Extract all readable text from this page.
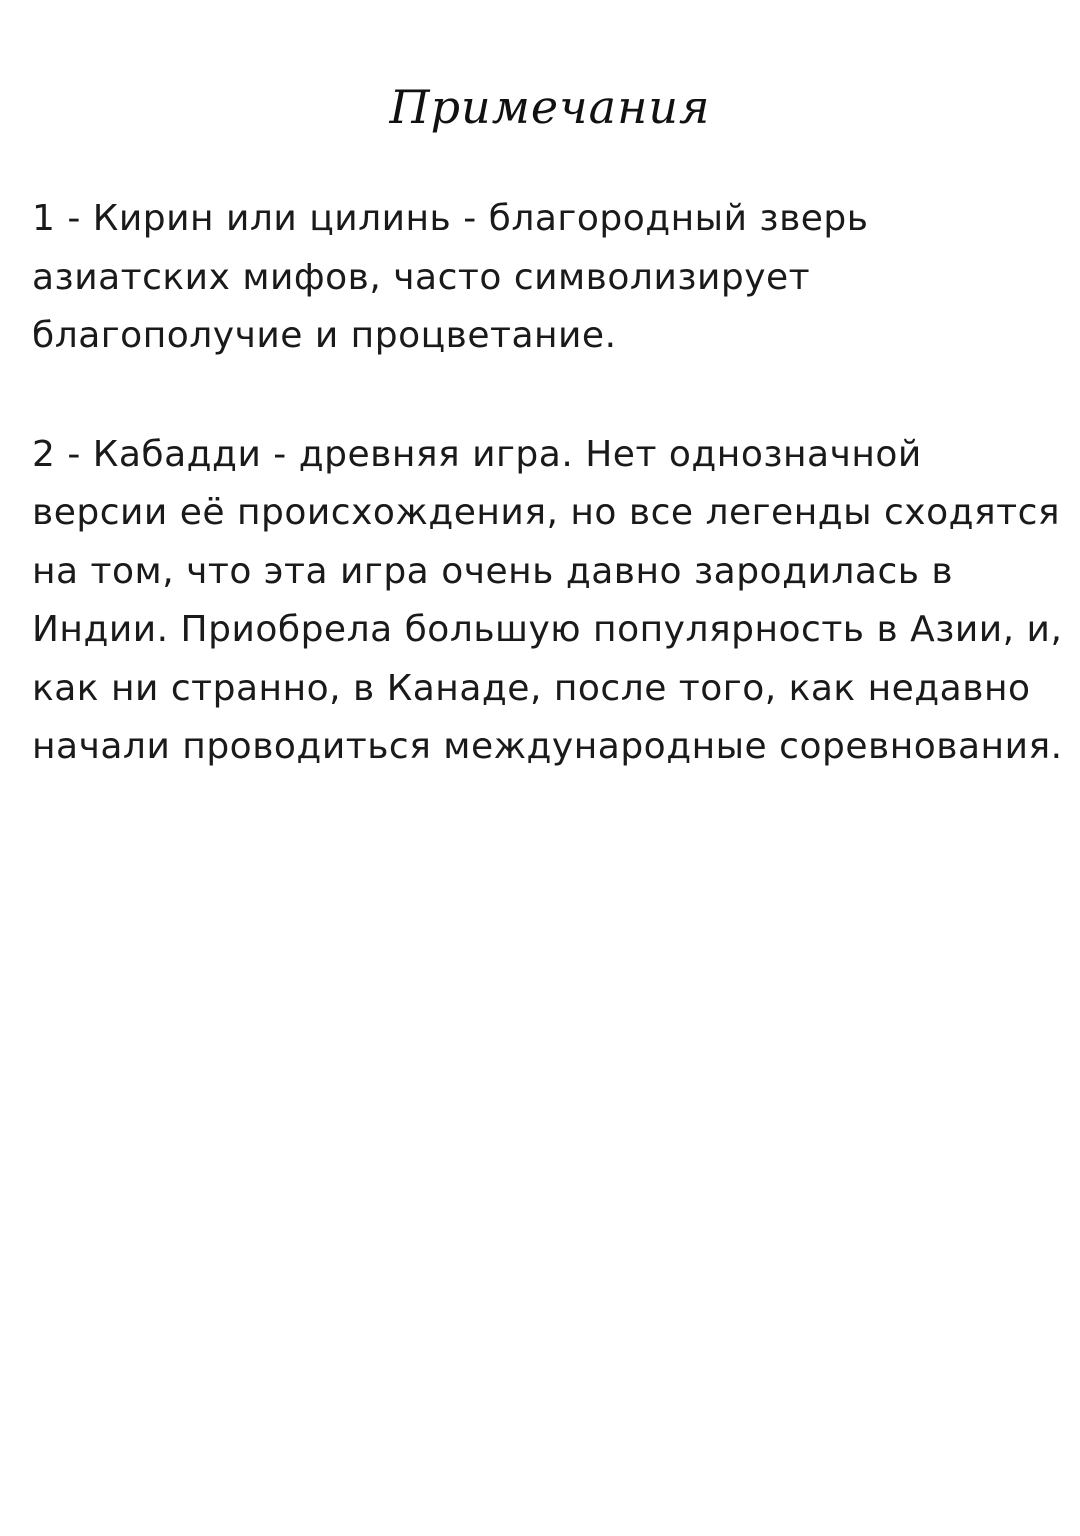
Примечания

1 - Кирин или цилинь - благородный зверь
азиатских мифов, часто символизирует
благополучие и процветание.

2 - Кабадди - древняя игра. Нет однозначной
версии её происхождения, но все легенды сходятся
на том, что эта игра очень давно зародилась в
Индии. Приобрела большую популярность в Азии, и,
как ни странно, в Канаде, после того, как недавно
начали проводиться международные соревнования.
